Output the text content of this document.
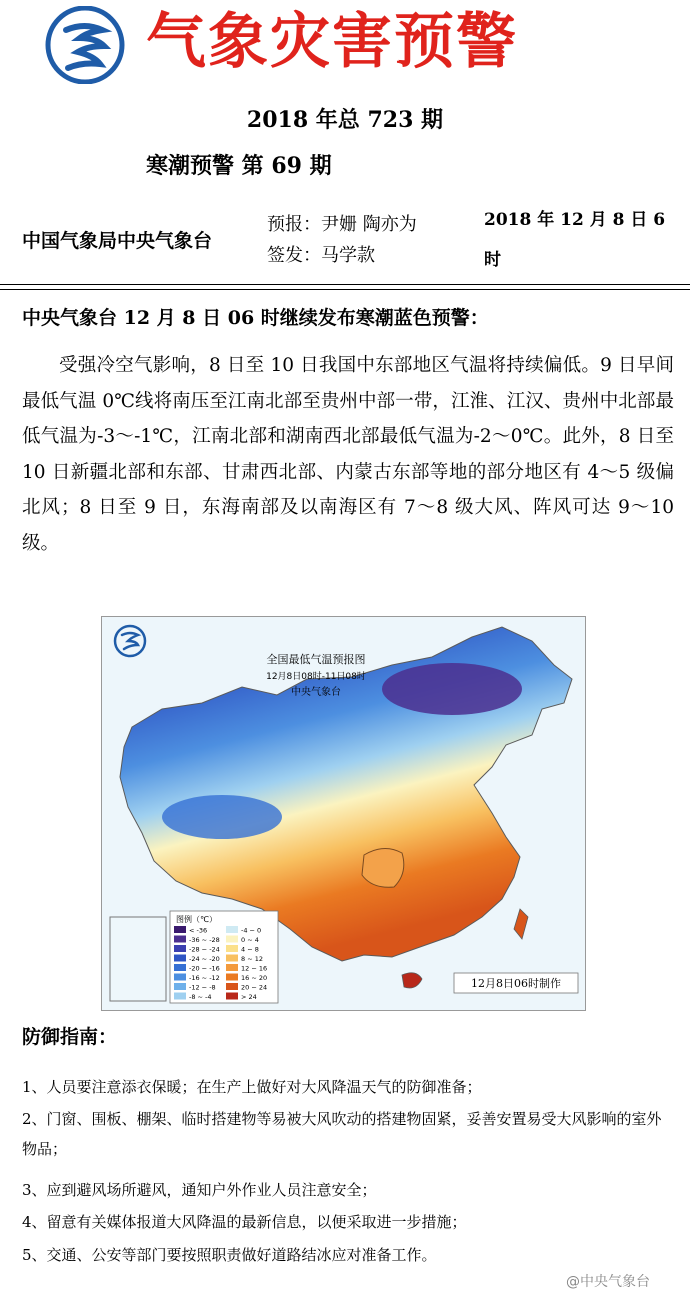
气象灾害预警
2018 年总 723 期
寒潮预警 第 69 期
中国气象局中央气象台
预报：尹姗 陶亦为
签发：马学款
2018 年 12 月 8 日 6 时
中央气象台 12 月 8 日 06 时继续发布寒潮蓝色预警：
受强冷空气影响，8 日至 10 日我国中东部地区气温将持续偏低。9 日早间最低气温 0℃线将南压至江南北部至贵州中部一带，江淮、江汉、贵州中北部最低气温为-3～-1℃，江南北部和湖南西北部最低气温为-2～0℃。此外，8 日至 10 日新疆北部和东部、甘肃西北部、内蒙古东部等地的部分地区有 4～5 级偏北风；8 日至 9 日，东海南部及以南海区有 7～8 级大风、阵风可达 9～10 级。
全国最低气温预报图
12月8日08时-11日08时
中央气象台
图例（℃）
< -36
-36 ~ -28
-28 ~ -24
-24 ~ -20
-20 ~ -16
-16 ~ -12
-12 ~ -8
-8 ~ -4
-4 ~ 0
0 ~ 4
4 ~ 8
8 ~ 12
12 ~ 16
16 ~ 20
20 ~ 24
> 24
12月8日06时制作
防御指南：
1、人员要注意添衣保暖；在生产上做好对大风降温天气的防御准备；
2、门窗、围板、棚架、临时搭建物等易被大风吹动的搭建物固紧，妥善安置易受大风影响的室外物品；
3、应到避风场所避风，通知户外作业人员注意安全；
4、留意有关媒体报道大风降温的最新信息，以便采取进一步措施；
5、交通、公安等部门要按照职责做好道路结冰应对准备工作。
@中央气象台
